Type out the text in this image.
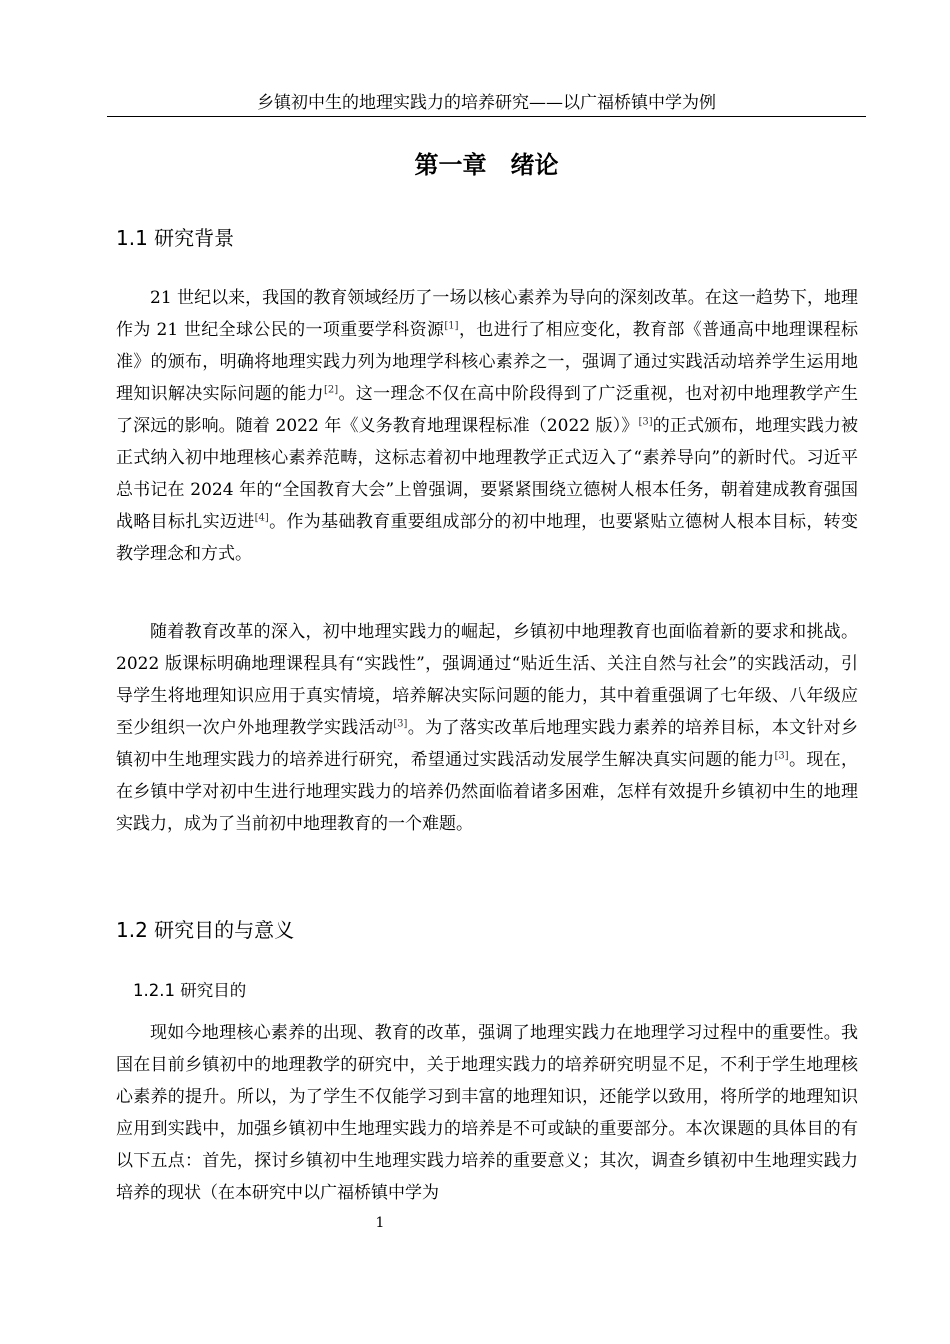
乡镇初中生的地理实践力的培养研究——以广福桥镇中学为例
第一章　绪论
1.1 研究背景

21 世纪以来，我国的教育领域经历了一场以核心素养为导向的深刻改革。在这一趋势下，地理作为 21 世纪全球公民的一项重要学科资源[1]，也进行了相应变化，教育部《普通高中地理课程标准》的颁布，明确将地理实践力列为地理学科核心素养之一，强调了通过实践活动培养学生运用地理知识解决实际问题的能力[2]。这一理念不仅在高中阶段得到了广泛重视，也对初中地理教学产生了深远的影响。随着 2022 年《义务教育地理课程标准（2022 版）》[3]的正式颁布，地理实践力被正式纳入初中地理核心素养范畴，这标志着初中地理教学正式迈入了“素养导向”的新时代。习近平总书记在 2024 年的“全国教育大会”上曾强调，要紧紧围绕立德树人根本任务，朝着建成教育强国战略目标扎实迈进[4]。作为基础教育重要组成部分的初中地理，也要紧贴立德树人根本目标，转变教学理念和方式。

随着教育改革的深入，初中地理实践力的崛起，乡镇初中地理教育也面临着新的要求和挑战。2022 版课标明确地理课程具有“实践性”，强调通过“贴近生活、关注自然与社会”的实践活动，引导学生将地理知识应用于真实情境，培养解决实际问题的能力，其中着重强调了七年级、八年级应至少组织一次户外地理教学实践活动[3]。为了落实改革后地理实践力素养的培养目标，本文针对乡镇初中生地理实践力的培养进行研究，希望通过实践活动发展学生解决真实问题的能力[3]。现在，在乡镇中学对初中生进行地理实践力的培养仍然面临着诸多困难，怎样有效提升乡镇初中生的地理实践力，成为了当前初中地理教育的一个难题。

1.2 研究目的与意义
1.2.1 研究目的

现如今地理核心素养的出现、教育的改革，强调了地理实践力在地理学习过程中的重要性。我国在目前乡镇初中的地理教学的研究中，关于地理实践力的培养研究明显不足，不利于学生地理核心素养的提升。所以，为了学生不仅能学习到丰富的地理知识，还能学以致用，将所学的地理知识应用到实践中，加强乡镇初中生地理实践力的培养是不可或缺的重要部分。本次课题的具体目的有以下五点：首先，探讨乡镇初中生地理实践力培养的重要意义；其次，调查乡镇初中生地理实践力培养的现状（在本研究中以广福桥镇中学为

1
